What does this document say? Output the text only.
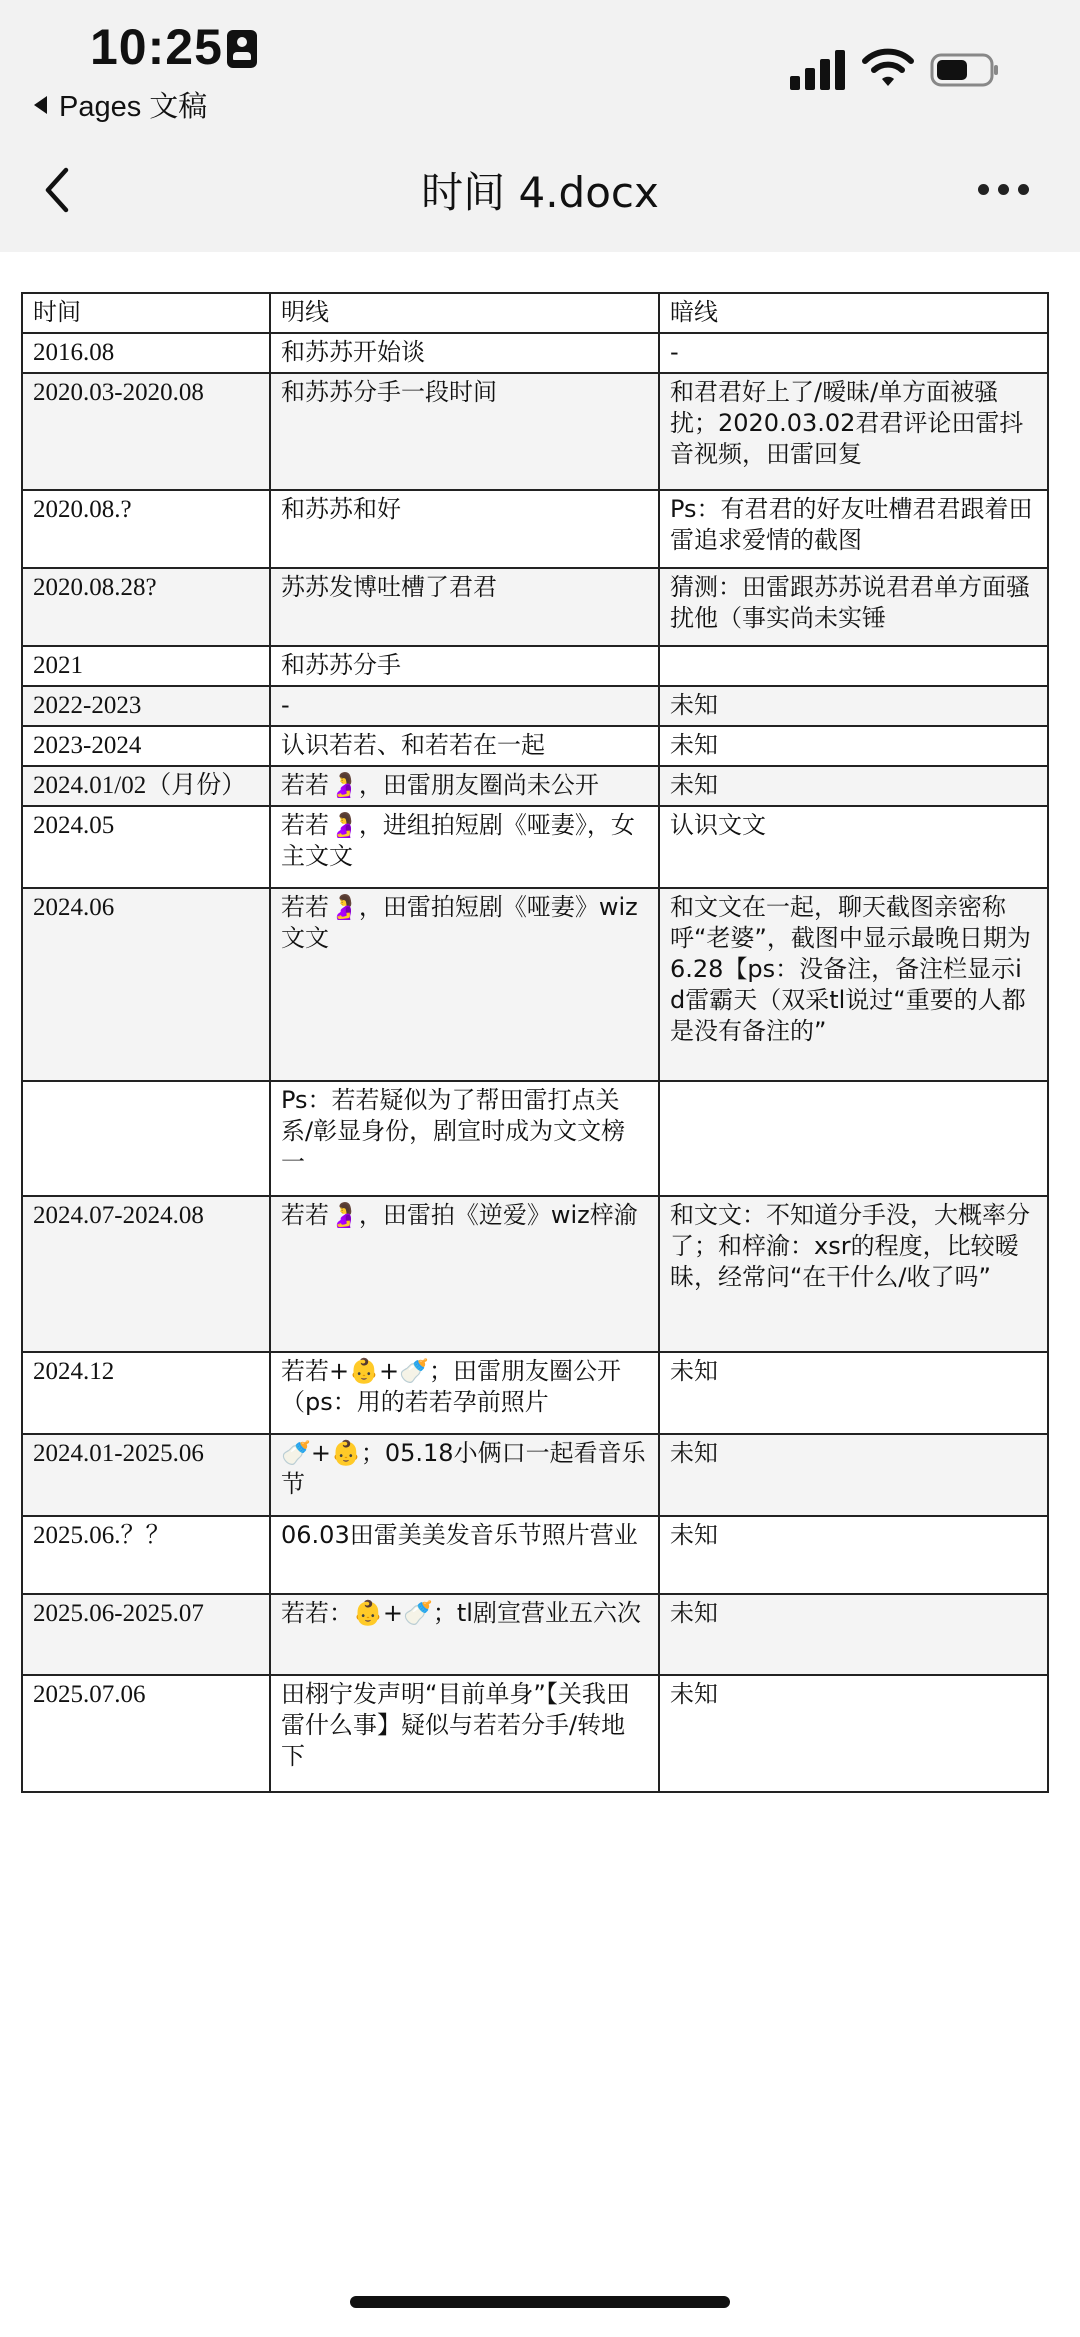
10:25
Pages 文稿
时间 4.docx
时间	明线	暗线
2016.08	和苏苏开始谈	-
2020.03-2020.08	和苏苏分手一段时间	和君君好上了/暧昧/单方面被骚扰；2020.03.02君君评论田雷抖音视频，田雷回复
2020.08.?	和苏苏和好	Ps：有君君的好友吐槽君君跟着田雷追求爱情的截图
2020.08.28?	苏苏发博吐槽了君君	猜测：田雷跟苏苏说君君单方面骚扰他（事实尚未实锤
2021	和苏苏分手	
2022-2023	-	未知
2023-2024	认识若若、和若若在一起	未知
2024.01/02（月份）	若若🤰，田雷朋友圈尚未公开	未知
2024.05	若若🤰，进组拍短剧《哑妻》，女主文文	认识文文
2024.06	若若🤰，田雷拍短剧《哑妻》wiz文文	和文文在一起，聊天截图亲密称呼“老婆”，截图中显示最晚日期为6.28【ps：没备注，备注栏显示id雷霸天（双采tl说过“重要的人都是没有备注的”
	Ps：若若疑似为了帮田雷打点关系/彰显身份，剧宣时成为文文榜一	
2024.07-2024.08	若若🤰，田雷拍《逆爱》wiz梓渝	和文文：不知道分手没，大概率分了；和梓渝：xsr的程度，比较暧昧，经常问“在干什么/收了吗”
2024.12	若若+👶+🍼；田雷朋友圈公开（ps：用的若若孕前照片	未知
2024.01-2025.06	🍼+👶；05.18小俩口一起看音乐节	未知
2025.06.？？	06.03田雷美美发音乐节照片营业	未知
2025.06-2025.07	若若：👶+🍼；tl剧宣营业五六次	未知
2025.07.06	田栩宁发声明“目前单身”【关我田雷什么事】疑似与若若分手/转地下	未知
